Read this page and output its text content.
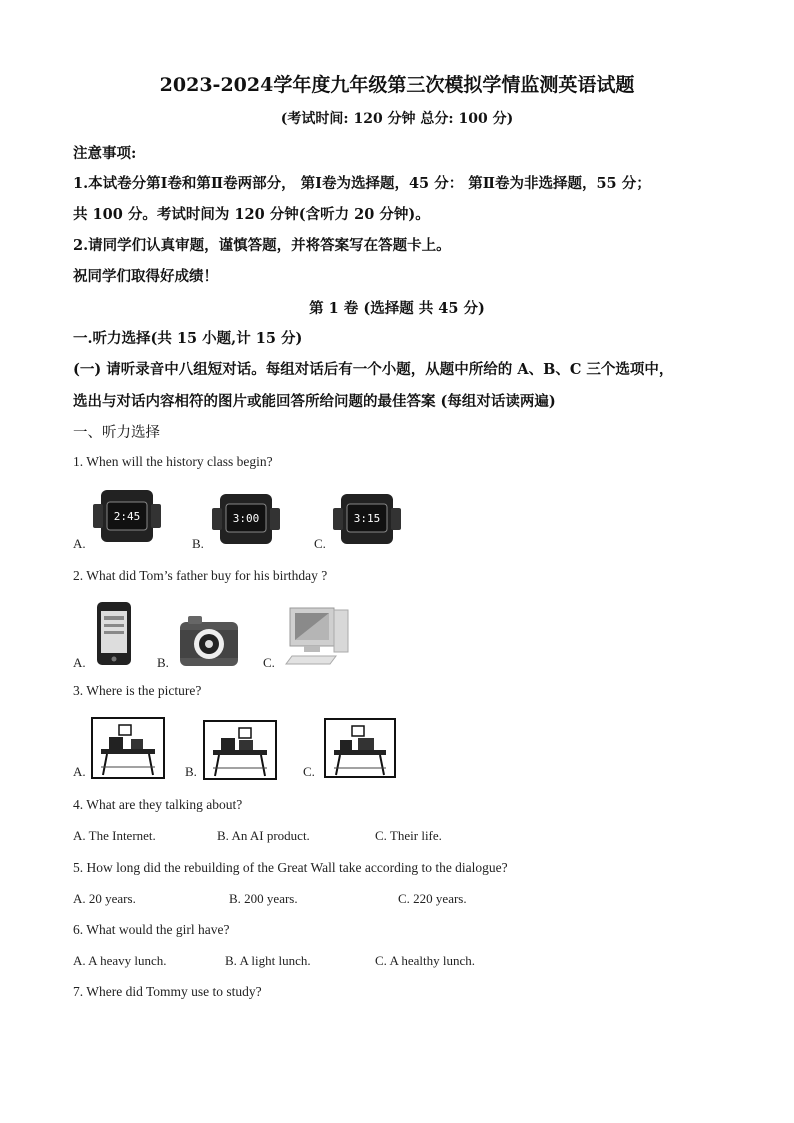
2023-2024学年度九年级第三次模拟学情监测英语试题
(考试时间: 120 分钟 总分: 100 分)
注意事项:
1.本试卷分第Ⅰ卷和第Ⅱ卷两部分， 第Ⅰ卷为选择题，45 分： 第Ⅱ卷为非选择题，55 分；
共 100 分。考试时间为 120 分钟(含听力 20 分钟)。
2.请同学们认真审题，谨慎答题，并将答案写在答题卡上。
祝同学们取得好成绩！
第 1 卷 (选择题 共 45 分)
一.听力选择(共 15 小题,计 15 分)
(一) 请听录音中八组短对话。每组对话后有一个小题，从题中所给的 A、B、C 三个选项中，
选出与对话内容相符的图片或能回答所给问题的最佳答案 (每组对话读两遍)
一、听力选择
1. When will the history class begin?
A.	B.	C.
2:45	3:00	3:15
2. What did Tom’s father buy for his birthday ?
A.	B.	C.
3. Where is the picture?
A.	B.	C.
4. What are they talking about?
A. The Internet.	B. An AI product.	C. Their life.
5. How long did the rebuilding of the Great Wall take according to the dialogue?
A. 20 years.	B. 200 years.	C. 220 years.
6. What would the girl have?
A. A heavy lunch.	B. A light lunch.	C. A healthy lunch.
7. Where did Tommy use to study?
